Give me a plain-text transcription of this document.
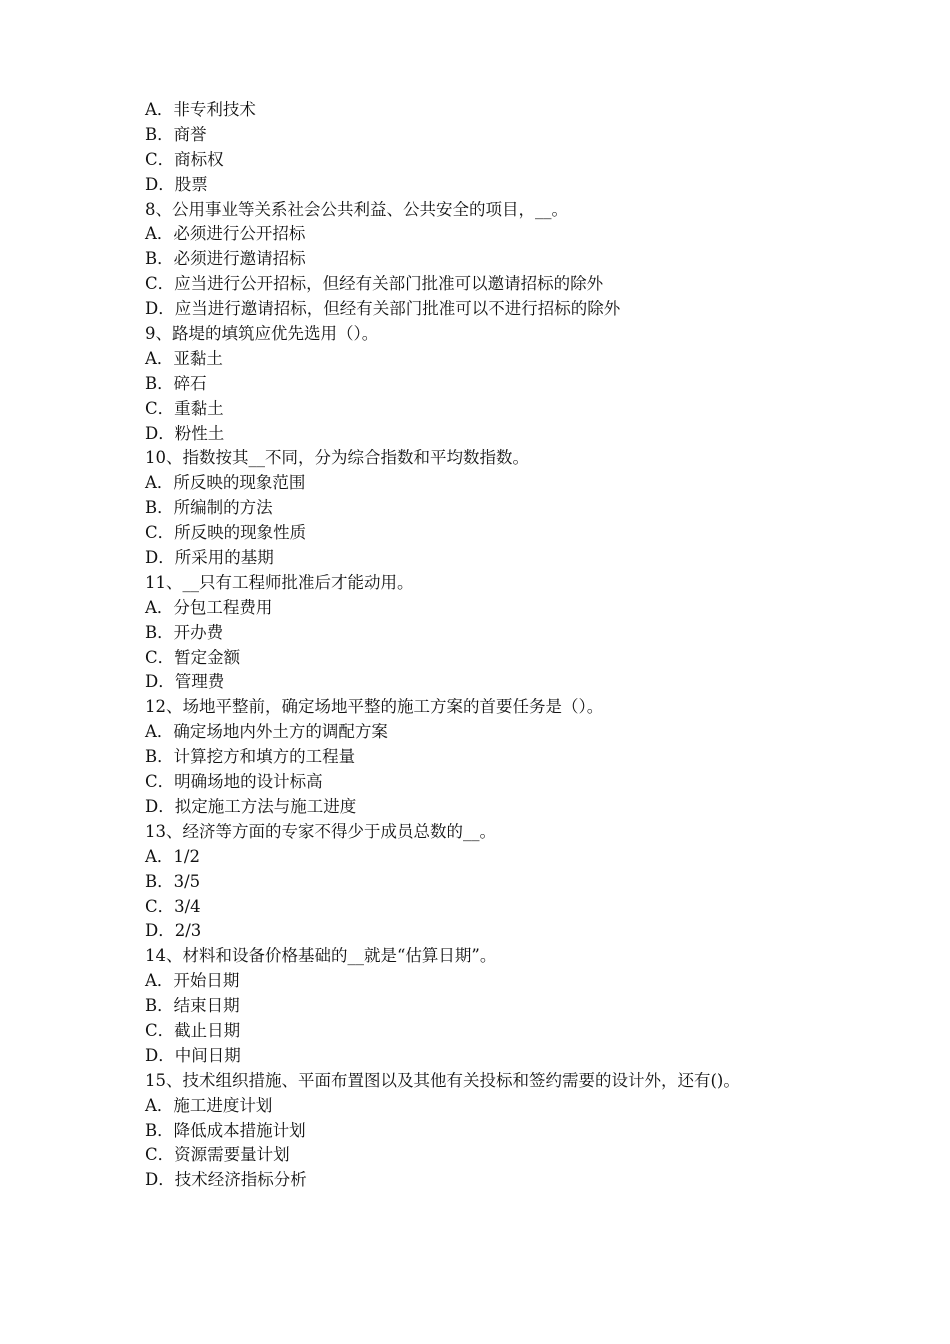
A．非专利技术

B．商誉

C．商标权

D．股票

8、公用事业等关系社会公共利益、公共安全的项目，__。

A．必须进行公开招标

B．必须进行邀请招标

C．应当进行公开招标，但经有关部门批准可以邀请招标的除外

D．应当进行邀请招标，但经有关部门批准可以不进行招标的除外

9、路堤的填筑应优先选用（）。

A．亚黏土

B．碎石

C．重黏土

D．粉性土

10、指数按其__不同，分为综合指数和平均数指数。

A．所反映的现象范围

B．所编制的方法

C．所反映的现象性质

D．所采用的基期

11、__只有工程师批准后才能动用。

A．分包工程费用

B．开办费

C．暂定金额

D．管理费

12、场地平整前，确定场地平整的施工方案的首要任务是（）。

A．确定场地内外土方的调配方案

B．计算挖方和填方的工程量

C．明确场地的设计标高

D．拟定施工方法与施工进度

13、经济等方面的专家不得少于成员总数的__。

A．1/2

B．3/5

C．3/4

D．2/3

14、材料和设备价格基础的__就是“估算日期”。

A．开始日期

B．结束日期

C．截止日期

D．中间日期

15、技术组织措施、平面布置图以及其他有关投标和签约需要的设计外，还有()。

A．施工进度计划

B．降低成本措施计划

C．资源需要量计划

D．技术经济指标分析
